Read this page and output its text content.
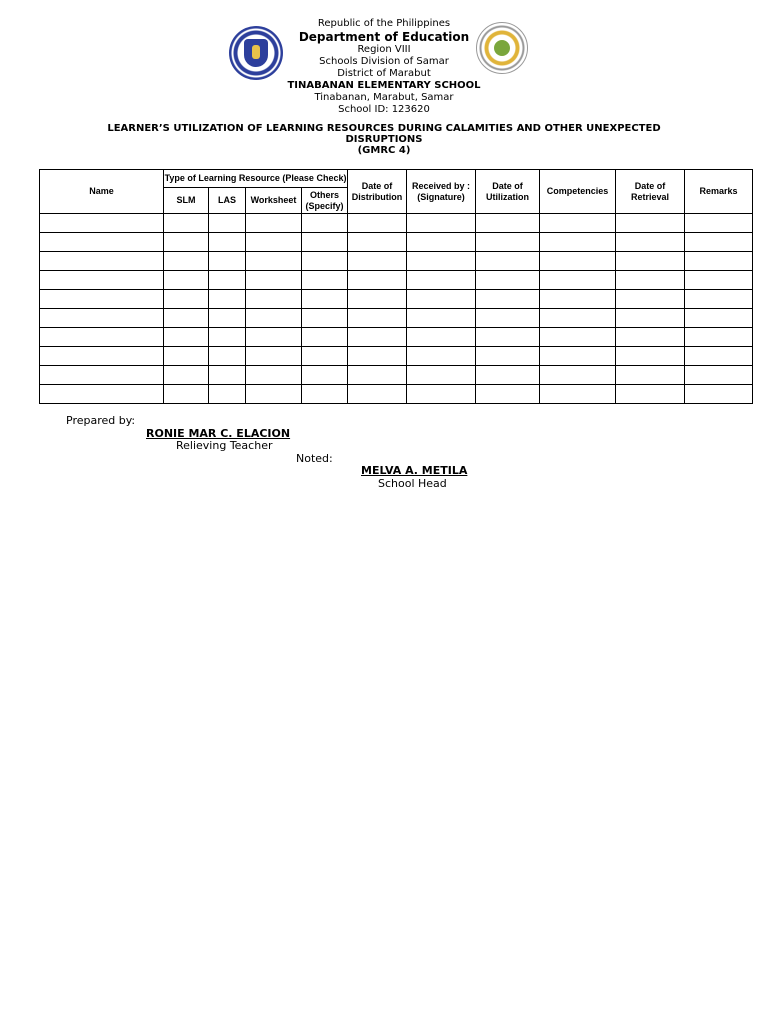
Republic of the Philippines
Department of Education
Region VIII
Schools Division of Samar
District of Marabut
TINABANAN ELEMENTARY SCHOOL
Tinabanan, Marabut, Samar
School ID: 123620
LEARNER’S UTILIZATION OF LEARNING RESOURCES DURING CALAMITIES AND OTHER UNEXPECTED
DISRUPTIONS
(GMRC 4)
Name	Type of Learning Resource (Please Check)				Date of Distribution	Received by : (Signature)	Date of Utilization	Competencies	Date of Retrieval	Remarks
	SLM	LAS	Worksheet	Others (Specify)						

Prepared by:
RONIE MAR C. ELACION
Relieving Teacher
Noted:
MELVA A. METILA
School Head
